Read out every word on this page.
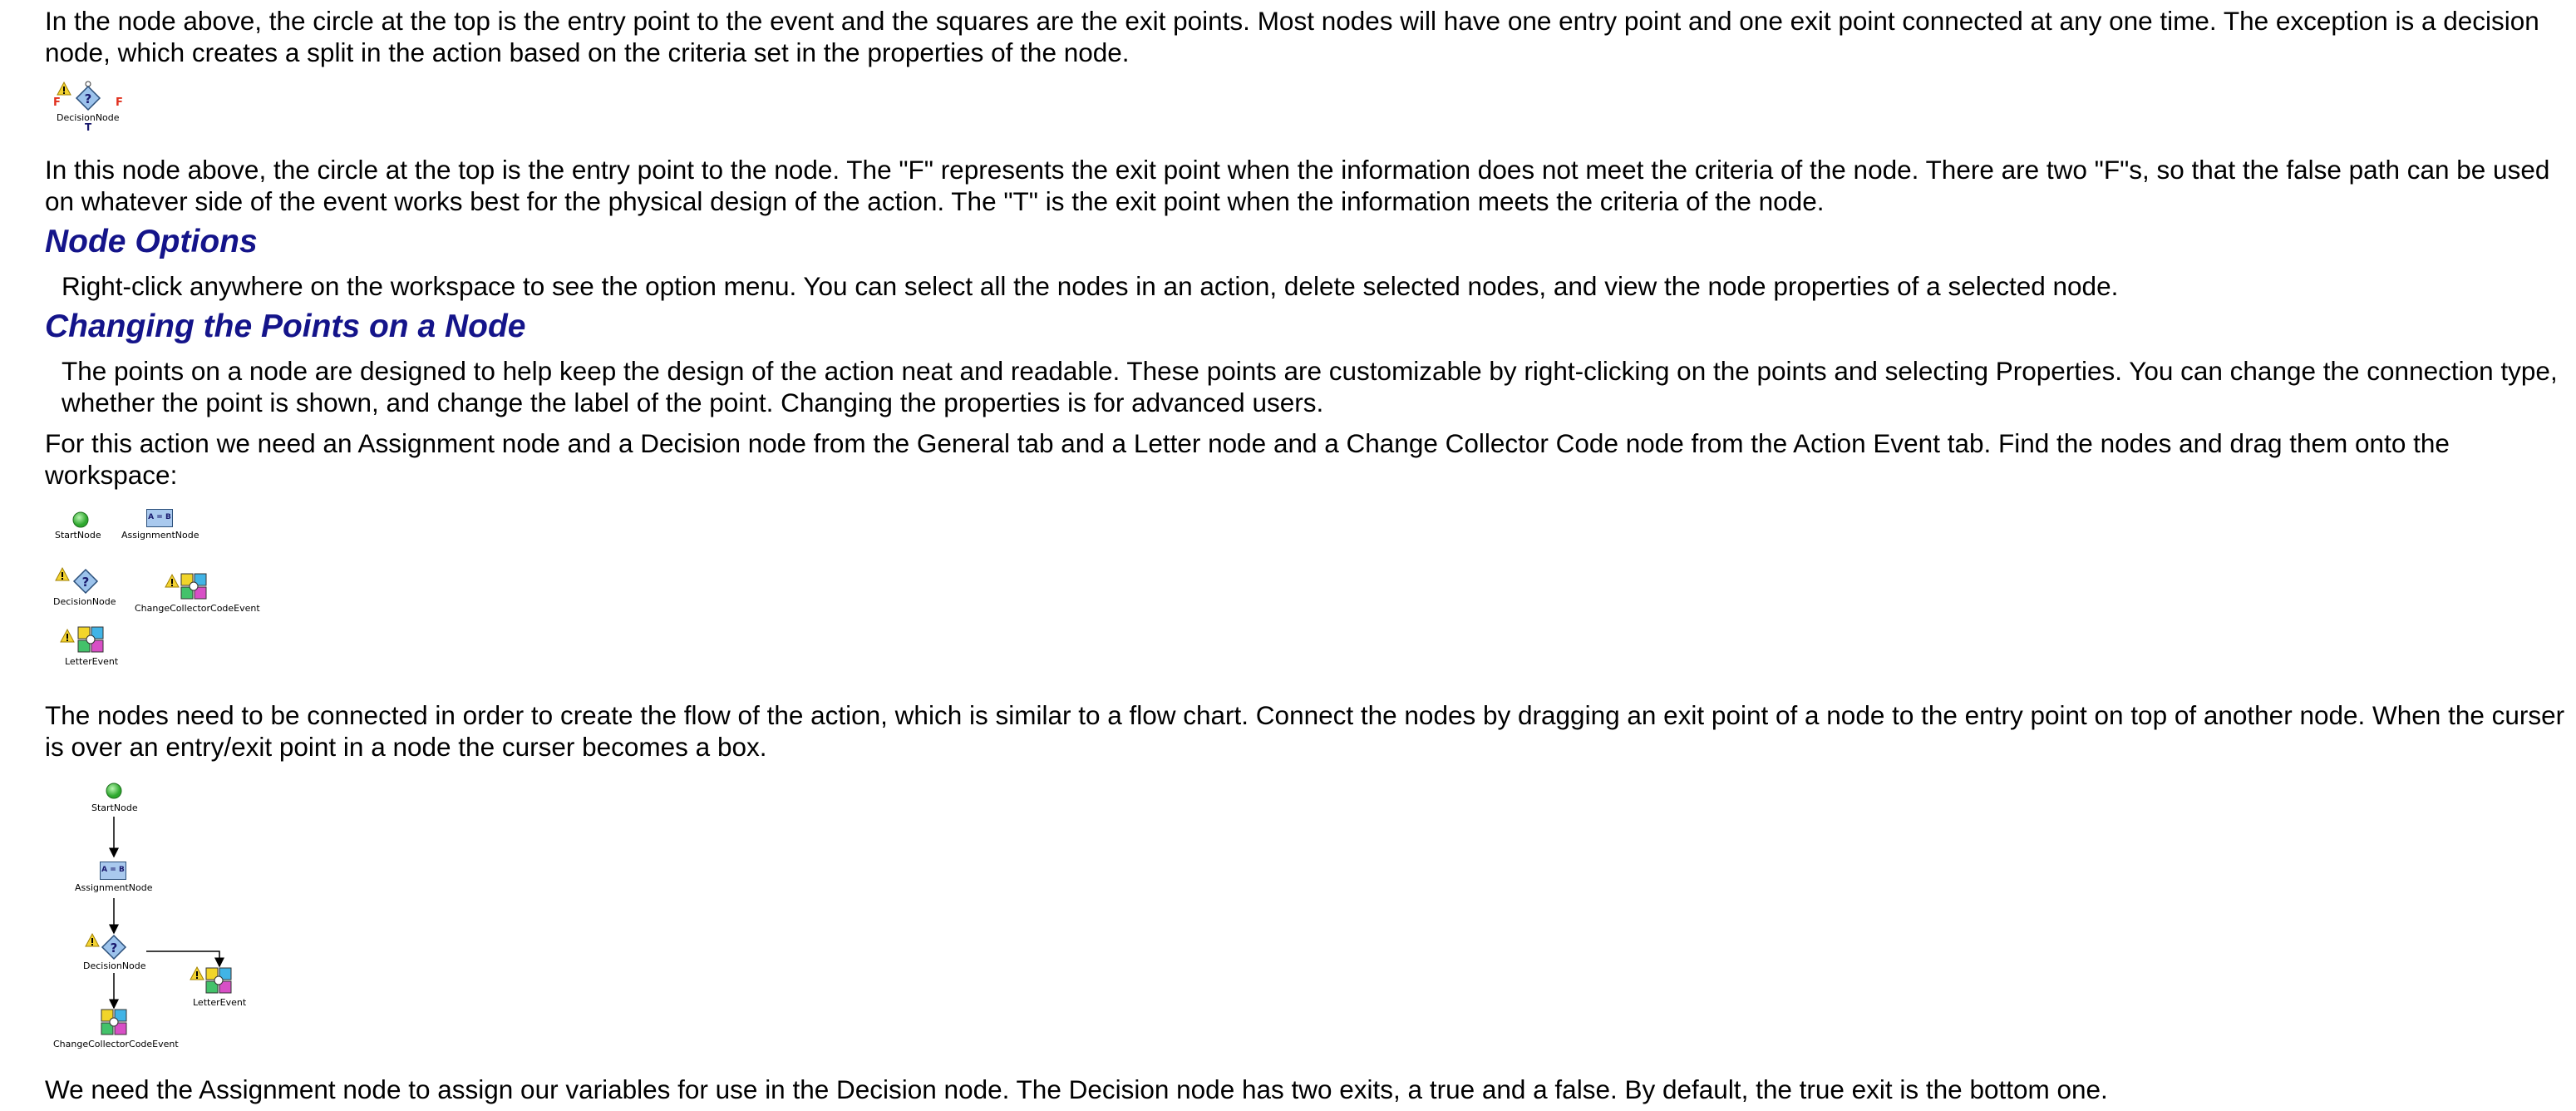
In the node above, the circle at the top is the entry point to the event and the squares are the exit points. Most nodes will have one entry point and one exit point connected at any one time. The exception is a decision node, which creates a split in the action based on the criteria set in the properties of the node.

F	F
?
DecisionNode
T

In this node above, the circle at the top is the entry point to the node. The "F" represents the exit point when the information does not meet the criteria of the node. There are two "F"s, so that the false path can be used on whatever side of the event works best for the physical design of the action. The "T" is the exit point when the information meets the criteria of the node.

Node Options

Right-click anywhere on the workspace to see the option menu. You can select all the nodes in an action, delete selected nodes, and view the node properties of a selected node.

Changing the Points on a Node

The points on a node are designed to help keep the design of the action neat and readable. These points are customizable by right-clicking on the points and selecting Properties. You can change the connection type, whether the point is shown, and change the label of the point. Changing the properties is for advanced users.

For this action we need an Assignment node and a Decision node from the General tab and a Letter node and a Change Collector Code node from the Action Event tab. Find the nodes and drag them onto the workspace:

StartNode
A = B
AssignmentNode
?
DecisionNode
ChangeCollectorCodeEvent
LetterEvent

The nodes need to be connected in order to create the flow of the action, which is similar to a flow chart. Connect the nodes by dragging an exit point of a node to the entry point on top of another node. When the curser is over an entry/exit point in a node the curser becomes a box.

StartNode
A = B
AssignmentNode
?
DecisionNode
LetterEvent
ChangeCollectorCodeEvent

We need the Assignment node to assign our variables for use in the Decision node. The Decision node has two exits, a true and a false. By default, the true exit is the bottom one.
